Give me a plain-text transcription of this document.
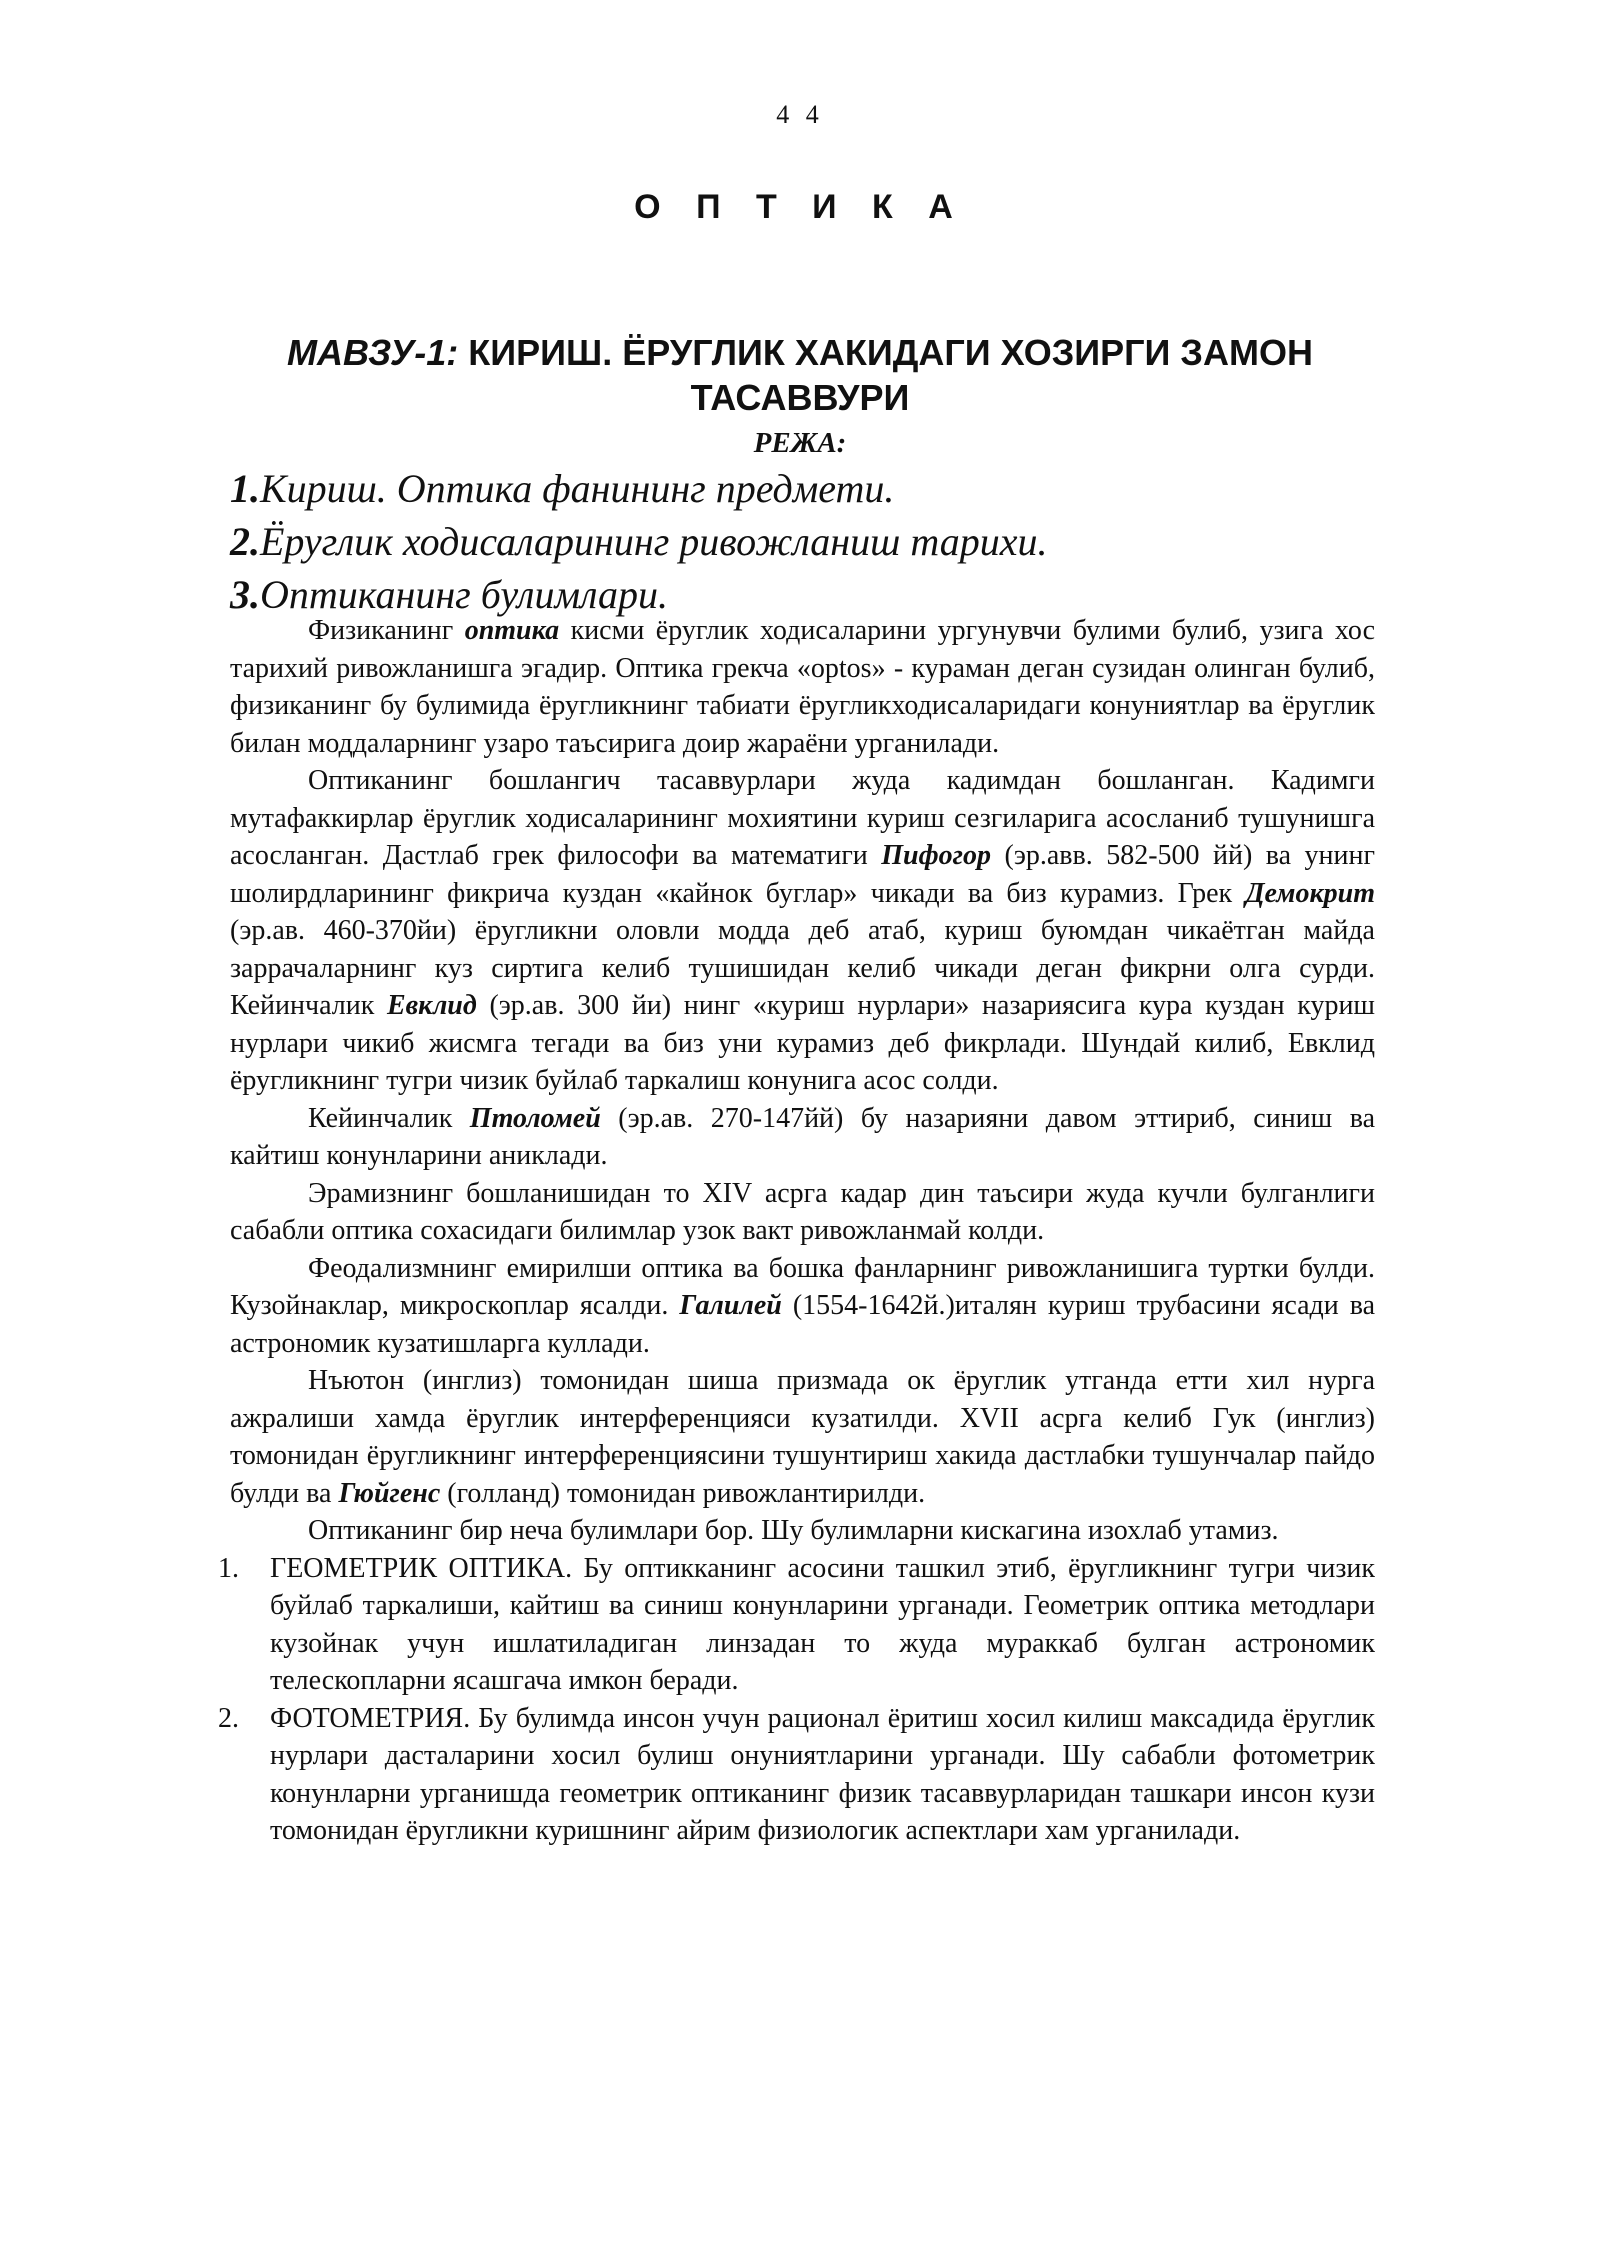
4 4
О П Т И К А
МАВЗУ-1: КИРИШ. ЁРУГЛИК ХАКИДАГИ ХОЗИРГИ ЗАМОН ТАСАВВУРИ
РЕЖА:
1.Кириш. Оптика фанининг предмети.
2.Ёруглик ходисаларининг ривожланиш тарихи.
3.Оптиканинг булимлари.

Физиканинг оптика кисми ёруглик ходисаларини ургунувчи булими булиб, узига хос тарихий ривожланишга эгадир. Оптика грекча «optos» - кураман деган сузидан олинган булиб, физиканинг бу булимида ёругликнинг табиати ёругликходисаларидаги конуниятлар ва ёруглик билан моддаларнинг узаро таъсирига доир жараёни урганилади.

Оптиканинг бошлангич тасаввурлари жуда кадимдан бошланган. Кадимги мутафаккирлар ёруглик ходисаларининг мохиятини куриш сезгиларига асосланиб тушунишга асосланган. Дастлаб грек философи ва математиги Пифогор (эр.авв. 582-500 йй) ва унинг шолирдларининг фикрича куздан «кайнок буглар» чикади ва биз курамиз. Грек Демокрит (эр.ав. 460-370йи) ёругликни оловли модда деб атаб, куриш буюмдан чикаётган майда заррачаларнинг куз сиртига келиб тушишидан келиб чикади деган фикрни олга сурди. Кейинчалик Евклид (эр.ав. 300 йи) нинг «куриш нурлари» назариясига кура куздан куриш нурлари чикиб жисмга тегади ва биз уни курамиз деб фикрлади. Шундай килиб, Евклид ёругликнинг тугри чизик буйлаб таркалиш конунига асос солди.

Кейинчалик Птоломей (эр.ав. 270-147йй) бу назарияни давом эттириб, синиш ва кайтиш конунларини аниклади.

Эрамизнинг бошланишидан то XIV асрга кадар дин таъсири жуда кучли булганлиги сабабли оптика сохасидаги билимлар узок вакт ривожланмай колди.

Феодализмнинг емирилши оптика ва бошка фанларнинг ривожланишига туртки булди. Кузойнаклар, микроскоплар ясалди. Галилей (1554-1642й.)италян куриш трубасини ясади ва астрономик кузатишларга куллади.

Нъютон (инглиз) томонидан шиша призмада ок ёруглик утганда етти хил нурга ажралиши хамда ёруглик интерференцияси кузатилди. XVII асрга келиб Гук (инглиз) томонидан ёругликнинг интерференциясини тушунтириш хакида дастлабки тушунчалар пайдо булди ва Гюйгенс (голланд) томонидан ривожлантирилди.

Оптиканинг бир неча булимлари бор. Шу булимларни кискагина изохлаб утамиз.

1. ГЕОМЕТРИК ОПТИКА. Бу оптикканинг асосини ташкил этиб, ёругликнинг тугри чизик буйлаб таркалиши, кайтиш ва синиш конунларини урганади. Геометрик оптика методлари кузойнак учун ишлатиладиган линзадан то жуда мураккаб булган астрономик телескопларни ясашгача имкон беради.
2. ФОТОМЕТРИЯ. Бу булимда инсон учун рационал ёритиш хосил килиш максадида ёруглик нурлари дасталарини хосил булиш онуниятларини урганади. Шу сабабли фотометрик конунларни урганишда геометрик оптиканинг физик тасаввурларидан ташкари инсон кузи томонидан ёругликни куришнинг айрим физиологик аспектлари хам урганилади.
